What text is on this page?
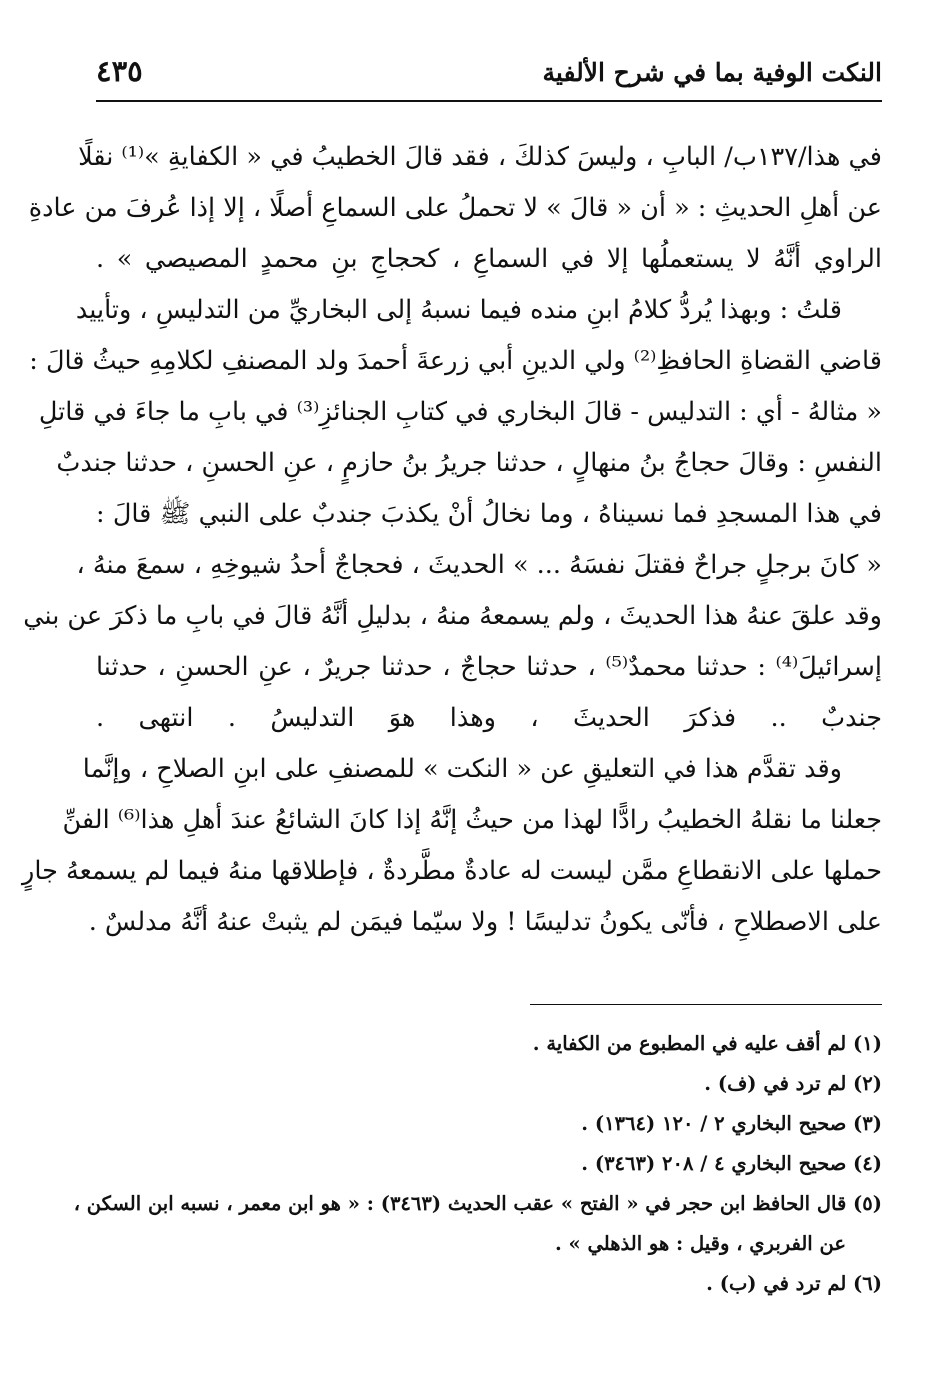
النكت الوفية بما في شرح الألفية
٤٣٥
في هذا/١٣٧ب/ البابِ ، وليسَ كذلكَ ، فقد قالَ الخطيبُ في « الكفايةِ »⁽¹⁾ نقلًا
عن أهلِ الحديثِ : « أن « قالَ » لا تحملُ على السماعِ أصلًا ، إلا إذا عُرفَ من عادةِ
الراوي أنَّهُ لا يستعملُها إلا في السماعِ ، كحجاجِ بنِ محمدٍ المصيصي » .
قلتُ : وبهذا يُردُّ كلامُ ابنِ منده فيما نسبهُ إلى البخاريِّ من التدليسِ ، وتأييد
قاضي القضاةِ الحافظِ⁽²⁾ ولي الدينِ أبي زرعةَ أحمدَ ولد المصنفِ لكلامِهِ حيثُ قالَ :
« مثالهُ - أي : التدليس - قالَ البخاري في كتابِ الجنائزِ⁽³⁾ في بابِ ما جاءَ في قاتلِ
النفسِ : وقالَ حجاجُ بنُ منهالٍ ، حدثنا جريرُ بنُ حازمٍ ، عنِ الحسنِ ، حدثنا جندبٌ
في هذا المسجدِ فما نسيناهُ ، وما نخالُ أنْ يكذبَ جندبٌ على النبي ﷺ قالَ :
« كانَ برجلٍ جراحٌ فقتلَ نفسَهُ ... » الحديثَ ، فحجاجٌ أحدُ شيوخِهِ ، سمعَ منهُ ،
وقد علقَ عنهُ هذا الحديثَ ، ولم يسمعهُ منهُ ، بدليلِ أنَّهُ قالَ في بابِ ما ذكرَ عن بني
إسرائيلَ⁽⁴⁾ : حدثنا محمدٌ⁽⁵⁾ ، حدثنا حجاجٌ ، حدثنا جريرٌ ، عنِ الحسنِ ، حدثنا
جندبٌ .. فذكرَ الحديثَ ، وهذا هوَ التدليسُ . انتهى .
وقد تقدَّم هذا في التعليقِ عن « النكت » للمصنفِ على ابنِ الصلاحِ ، وإنَّما
جعلنا ما نقلهُ الخطيبُ رادًّا لهذا من حيثُ إنَّهُ إذا كانَ الشائعُ عندَ أهلِ هذا⁽⁶⁾ الفنِّ
حملها على الانقطاعِ ممَّن ليست له عادةٌ مطَّردةٌ ، فإطلاقها منهُ فيما لم يسمعهُ جارٍ
على الاصطلاحِ ، فأنّى يكونُ تدليسًا ! ولا سيّما فيمَن لم يثبتْ عنهُ أنَّهُ مدلسٌ .
(١) لم أقف عليه في المطبوع من الكفاية .
(٢) لم ترد في (ف) .
(٣) صحيح البخاري ٢ / ١٢٠ (١٣٦٤) .
(٤) صحيح البخاري ٤ / ٢٠٨ (٣٤٦٣) .
(٥) قال الحافظ ابن حجر في « الفتح » عقب الحديث (٣٤٦٣) : « هو ابن معمر ، نسبه ابن السكن ،
عن الفربري ، وقيل : هو الذهلي » .
(٦) لم ترد في (ب) .
